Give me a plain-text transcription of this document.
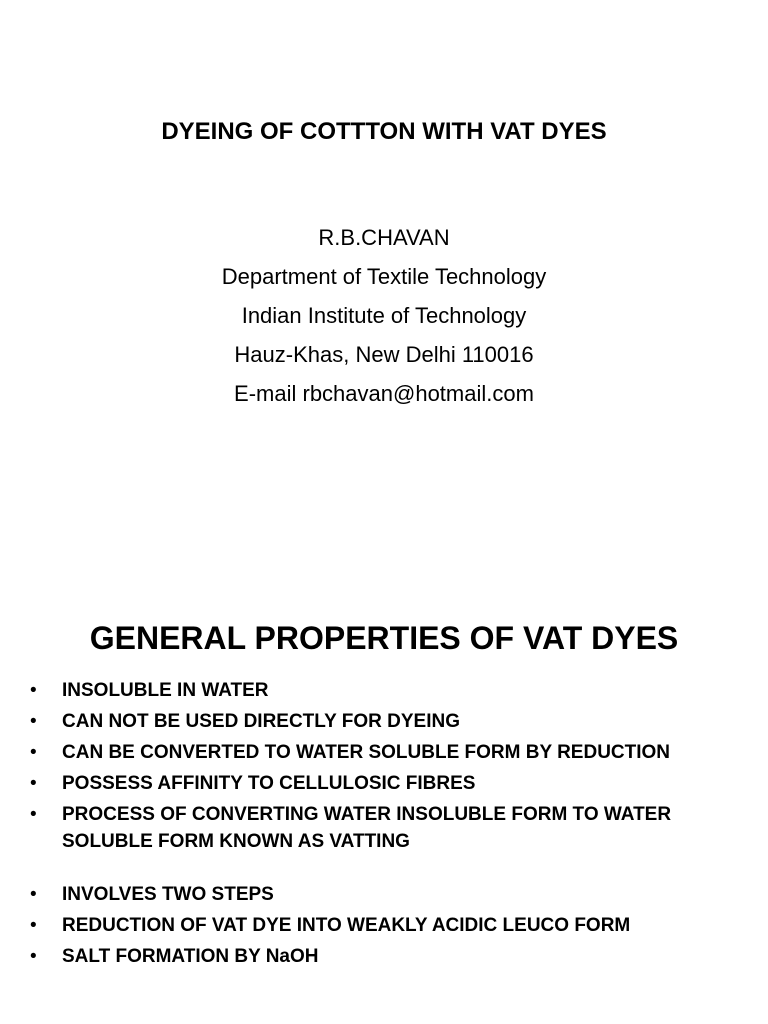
DYEING OF COTTTON WITH VAT DYES
R.B.CHAVAN
Department of Textile Technology
Indian Institute of Technology
Hauz-Khas, New Delhi 110016
E-mail rbchavan@hotmail.com
GENERAL PROPERTIES OF VAT DYES
• INSOLUBLE IN WATER
• CAN NOT BE USED DIRECTLY FOR DYEING
• CAN BE CONVERTED TO WATER SOLUBLE FORM BY REDUCTION
• POSSESS AFFINITY TO CELLULOSIC FIBRES
• PROCESS OF CONVERTING WATER INSOLUBLE FORM TO WATER SOLUBLE FORM KNOWN AS VATTING
• INVOLVES TWO STEPS
• REDUCTION OF VAT DYE INTO WEAKLY ACIDIC LEUCO FORM
• SALT FORMATION BY NaOH
